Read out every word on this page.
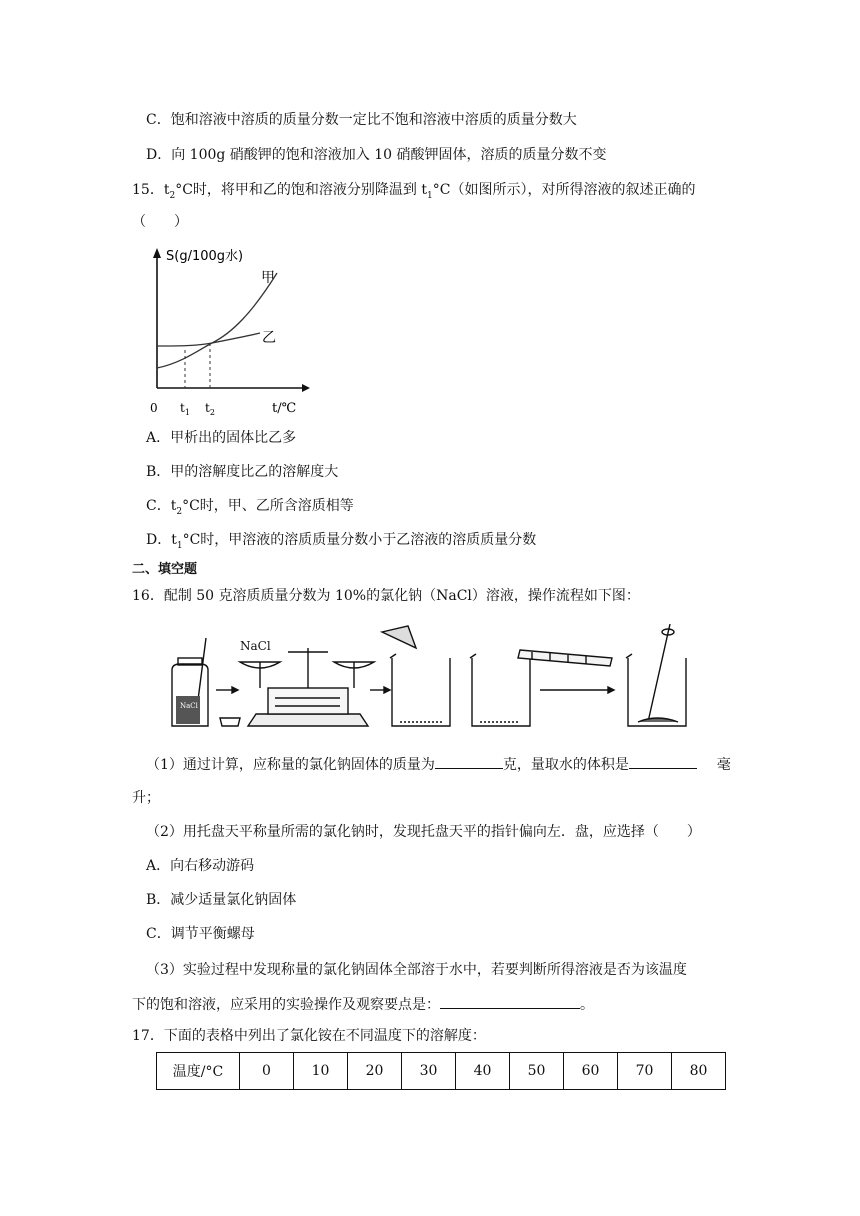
C．饱和溶液中溶质的质量分数一定比不饱和溶液中溶质的质量分数大
D．向 100g 硝酸钾的饱和溶液加入 10 硝酸钾固体，溶质的质量分数不变
15．$t_2^\circ C$时，将甲和乙的饱和溶液分别降温到 $t_1^\circ C$（如图所示），对所得溶液的叙述正确的
（　　）
S(g/100g水)
甲
乙
0 $t_1$ $t_2$	t/℃
A．甲析出的固体比乙多
B．甲的溶解度比乙的溶解度大
C．$t_2^\circ C$时，甲、乙所含溶质相等
D．$t_1^\circ C$时，甲溶液的溶质质量分数小于乙溶液的溶质质量分数
二、填空题
16．配制 50 克溶质质量分数为 10%的氯化钠（NaCl）溶液，操作流程如下图：
NaCl
NaCl
（1）通过计算，应称量的氯化钠固体的质量为	克，量取水的体积是	毫
升；
（2）用托盘天平称量所需的氯化钠时，发现托盘天平的指针偏向左．盘，应选择（　　）
A．向右移动游码
B．减少适量氯化钠固体
C．调节平衡螺母
（3）实验过程中发现称量的氯化钠固体全部溶于水中，若要判断所得溶液是否为该温度
下的饱和溶液，应采用的实验操作及观察要点是：	。
17．下面的表格中列出了氯化铵在不同温度下的溶解度：
温度/°C	0	10	20	30	40	50	60	70	80
